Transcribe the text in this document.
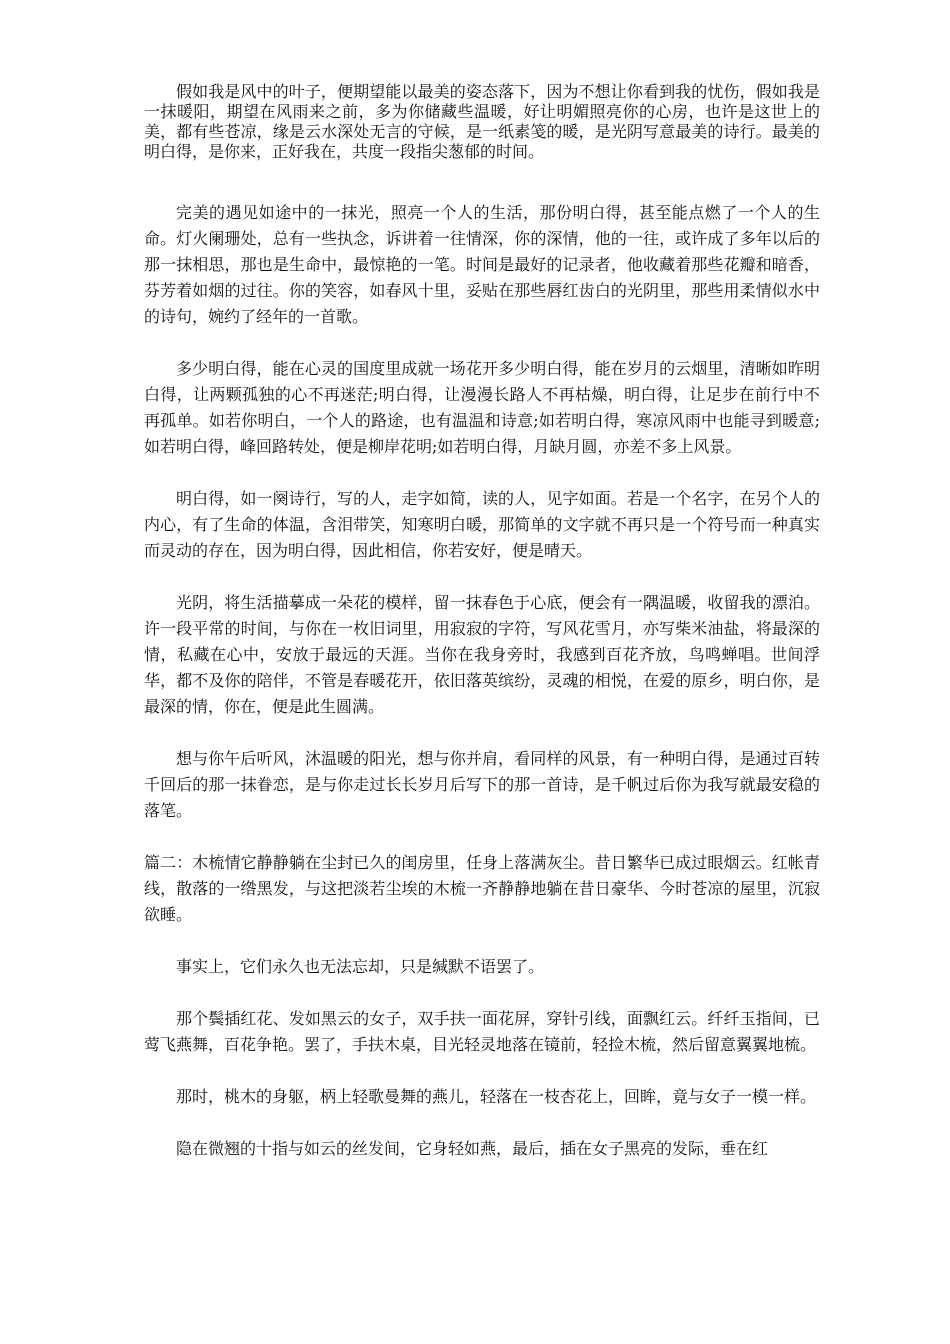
假如我是风中的叶子，便期望能以最美的姿态落下，因为不想让你看到我的忧伤，假如我是一抹暖阳，期望在风雨来之前，多为你储藏些温暖，好让明媚照亮你的心房，也许是这世上的美，都有些苍凉，缘是云水深处无言的守候，是一纸素笺的暖，是光阴写意最美的诗行。最美的明白得，是你来，正好我在，共度一段指尖葱郁的时间。

完美的遇见如途中的一抹光，照亮一个人的生活，那份明白得，甚至能点燃了一个人的生命。灯火阑珊处，总有一些执念，诉讲着一往情深，你的深情，他的一往，或许成了多年以后的那一抹相思，那也是生命中，最惊艳的一笔。时间是最好的记录者，他收藏着那些花瓣和暗香，芬芳着如烟的过往。你的笑容，如春风十里，妥贴在那些唇红齿白的光阴里，那些用柔情似水中的诗句，婉约了经年的一首歌。

多少明白得，能在心灵的国度里成就一场花开多少明白得，能在岁月的云烟里，清晰如昨明白得，让两颗孤独的心不再迷茫;明白得，让漫漫长路人不再枯燥，明白得，让足步在前行中不再孤单。如若你明白，一个人的路途，也有温温和诗意;如若明白得，寒凉风雨中也能寻到暖意;如若明白得，峰回路转处，便是柳岸花明;如若明白得，月缺月圆，亦差不多上风景。

明白得，如一阕诗行，写的人，走字如简，读的人，见字如面。若是一个名字，在另个人的内心，有了生命的体温，含泪带笑，知寒明白暖，那简单的文字就不再只是一个符号而一种真实而灵动的存在，因为明白得，因此相信，你若安好，便是晴天。

光阴，将生活描摹成一朵花的模样，留一抹春色于心底，便会有一隅温暖，收留我的漂泊。许一段平常的时间，与你在一枚旧词里，用寂寂的字符，写风花雪月，亦写柴米油盐，将最深的情，私藏在心中，安放于最远的天涯。当你在我身旁时，我感到百花齐放，鸟鸣蝉唱。世间浮华，都不及你的陪伴，不管是春暖花开，依旧落英缤纷，灵魂的相悦，在爱的原乡，明白你，是最深的情，你在，便是此生圆满。

想与你午后听风，沐温暖的阳光，想与你并肩，看同样的风景，有一种明白得，是通过百转千回后的那一抹眷恋，是与你走过长长岁月后写下的那一首诗，是千帆过后你为我写就最安稳的落笔。

篇二：木梳情它静静躺在尘封已久的闺房里，任身上落满灰尘。昔日繁华已成过眼烟云。红帐青线，散落的一绺黑发，与这把淡若尘埃的木梳一齐静静地躺在昔日豪华、今时苍凉的屋里，沉寂欲睡。

事实上，它们永久也无法忘却，只是缄默不语罢了。

那个鬓插红花、发如黑云的女子，双手扶一面花屏，穿针引线，面飘红云。纤纤玉指间，已莺飞燕舞，百花争艳。罢了，手扶木桌，目光轻灵地落在镜前，轻捡木梳，然后留意翼翼地梳。

那时，桃木的身躯，柄上轻歌曼舞的燕儿，轻落在一枝杏花上，回眸，竟与女子一模一样。

隐在微翘的十指与如云的丝发间，它身轻如燕，最后，插在女子黑亮的发际，垂在红
